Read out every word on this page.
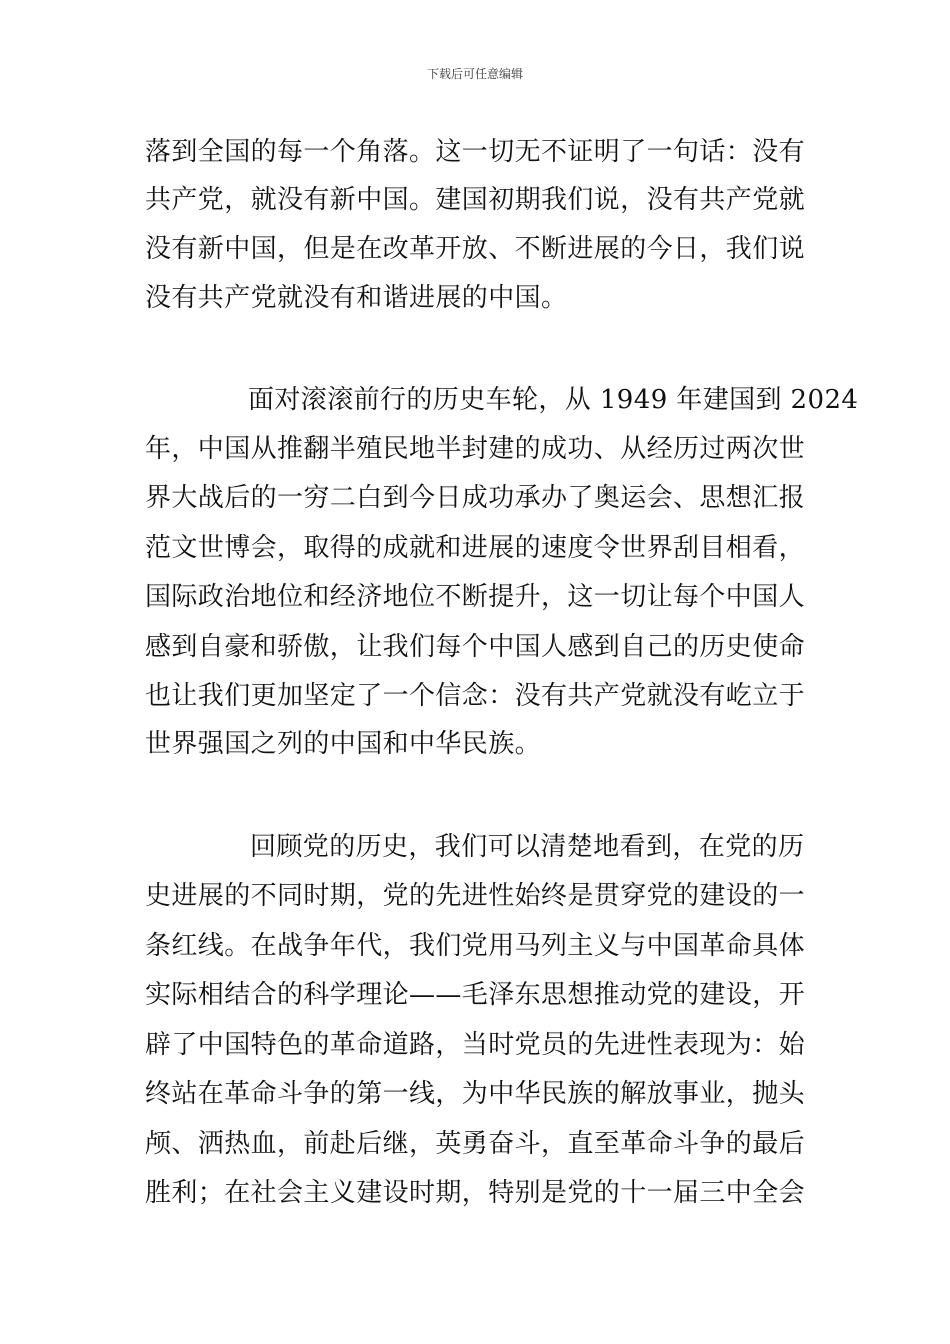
下载后可任意编辑
落到全国的每一个角落。这一切无不证明了一句话：没有
共产党，就没有新中国。建国初期我们说，没有共产党就
没有新中国，但是在改革开放、不断进展的今日，我们说
没有共产党就没有和谐进展的中国。
面对滚滚前行的历史车轮，从 1949 年建国到 2024
年，中国从推翻半殖民地半封建的成功、从经历过两次世
界大战后的一穷二白到今日成功承办了奥运会、思想汇报
范文世博会，取得的成就和进展的速度令世界刮目相看，
国际政治地位和经济地位不断提升，这一切让每个中国人
感到自豪和骄傲，让我们每个中国人感到自己的历史使命
也让我们更加坚定了一个信念：没有共产党就没有屹立于
世界强国之列的中国和中华民族。
回顾党的历史，我们可以清楚地看到，在党的历
史进展的不同时期，党的先进性始终是贯穿党的建设的一
条红线。在战争年代，我们党用马列主义与中国革命具体
实际相结合的科学理论——毛泽东思想推动党的建设，开
辟了中国特色的革命道路，当时党员的先进性表现为：始
终站在革命斗争的第一线，为中华民族的解放事业，抛头
颅、洒热血，前赴后继，英勇奋斗，直至革命斗争的最后
胜利；在社会主义建设时期，特别是党的十一届三中全会
